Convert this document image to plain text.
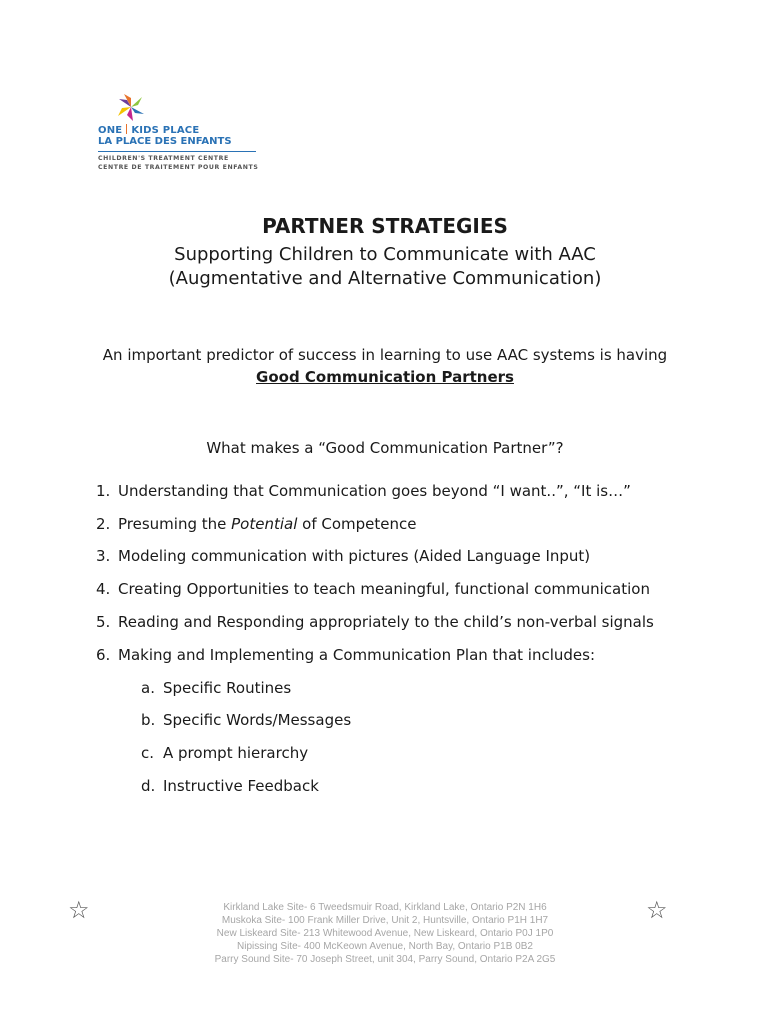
ONE KIDS PLACE
LA PLACE DES ENFANTS
CHILDREN'S TREATMENT CENTRE
CENTRE DE TRAITEMENT POUR ENFANTS
PARTNER STRATEGIES

Supporting Children to Communicate with AAC

(Augmentative and Alternative Communication)

An important predictor of success in learning to use AAC systems is having

Good Communication Partners

What makes a “Good Communication Partner”?

1. Understanding that Communication goes beyond “I want..”, “It is…”

2. Presuming the Potential of Competence

3. Modeling communication with pictures (Aided Language Input)

4. Creating Opportunities to teach meaningful, functional communication

5. Reading and Responding appropriately to the child’s non-verbal signals

6. Making and Implementing a Communication Plan that includes:

a. Specific Routines

b. Specific Words/Messages

c. A prompt hierarchy

d. Instructive Feedback

☆	☆
Kirkland Lake Site- 6 Tweedsmuir Road, Kirkland Lake, Ontario P2N 1H6
Muskoka Site- 100 Frank Miller Drive, Unit 2, Huntsville, Ontario P1H 1H7
New Liskeard Site- 213 Whitewood Avenue, New Liskeard, Ontario P0J 1P0
Nipissing Site- 400 McKeown Avenue, North Bay, Ontario P1B 0B2
Parry Sound Site- 70 Joseph Street, unit 304, Parry Sound, Ontario P2A 2G5
